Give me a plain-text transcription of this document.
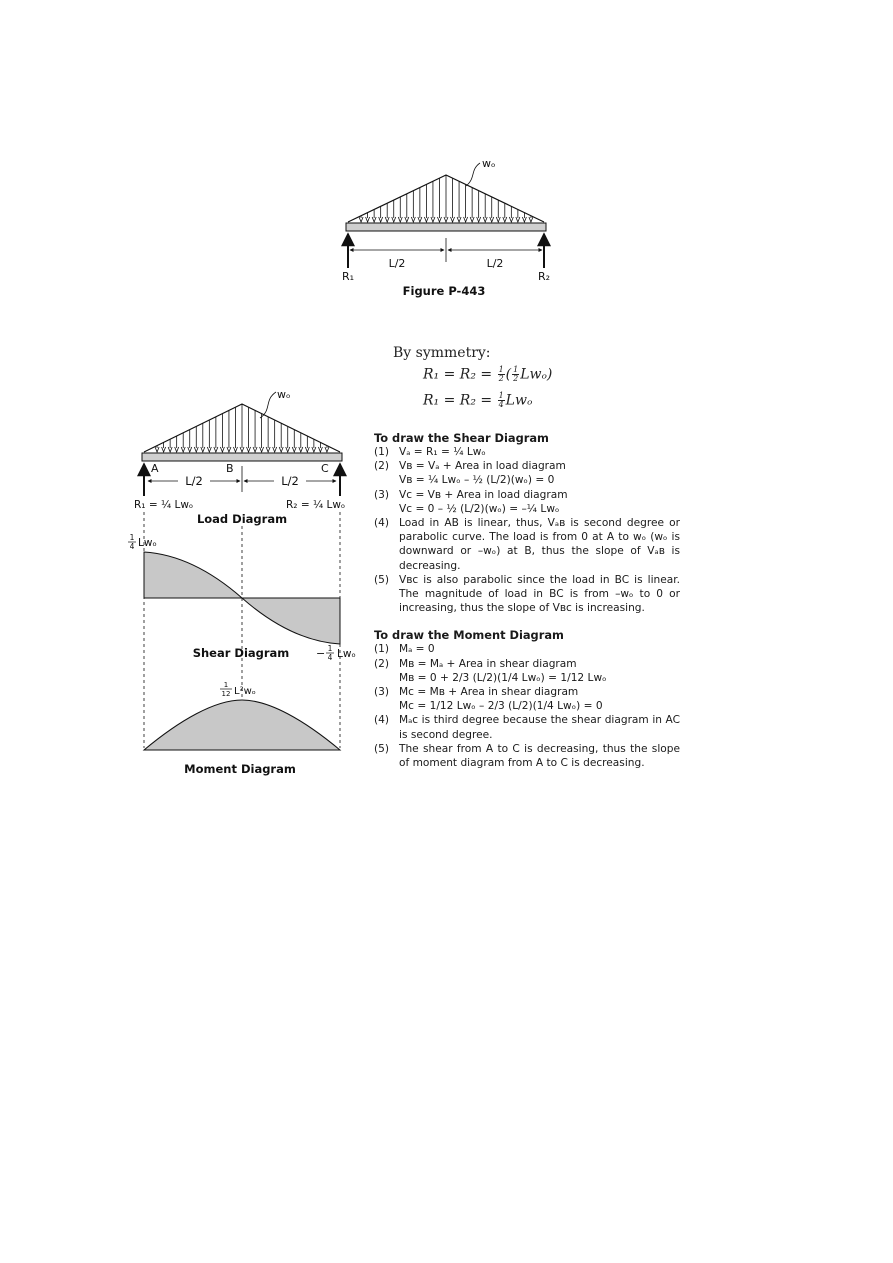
wₒ
L/2	L/2
R₁	R₂
Figure P-443
wₒ
A	B	C
L/2	L/2
R₁ = ¼ Lwₒ	R₂ = ¼ Lwₒ
Load Diagram
1
4 Lwₒ
− 1
4 Lwₒ
Shear Diagram
1
12 L²wₒ
Moment Diagram
By symmetry:
$R_1 = R_2 = \frac{1}{2}$ ( $\frac{1}{2} Lw_o$)
$R_1 = R_2 = \frac{1}{4}$ Lwₒ
To draw the Shear Diagram
(1) Vₐ = R₁ = ¼ Lwₒ
(2) Vʙ = Vₐ + Area in load diagram
Vʙ = ¼ Lwₒ – ½ (L/2)(wₒ) = 0
(3) Vc = Vʙ + Area in load diagram
Vc = 0 – ½ (L/2)(wₒ) = –¼ Lwₒ
(4) Load in AB is linear, thus, Vₐʙ is second degree or parabolic curve. The load is from 0 at A to wₒ (wₒ is downward or –wₒ) at B, thus the slope of Vₐʙ is decreasing.
(5) Vʙc is also parabolic since the load in BC is linear. The magnitude of load in BC is from –wₒ to 0 or increasing, thus the slope of Vʙc is increasing.
To draw the Moment Diagram
(1) Mₐ = 0
(2) Mʙ = Mₐ + Area in shear diagram
Mʙ = 0 + 2/3 (L/2)(1/4 Lwₒ) = 1/12 Lwₒ
(3) Mc = Mʙ + Area in shear diagram
Mc = 1/12 Lwₒ – 2/3 (L/2)(1/4 Lwₒ) = 0
(4) Mₐc is third degree because the shear diagram in AC is second degree.
(5) The shear from A to C is decreasing, thus the slope of moment diagram from A to C is decreasing.
